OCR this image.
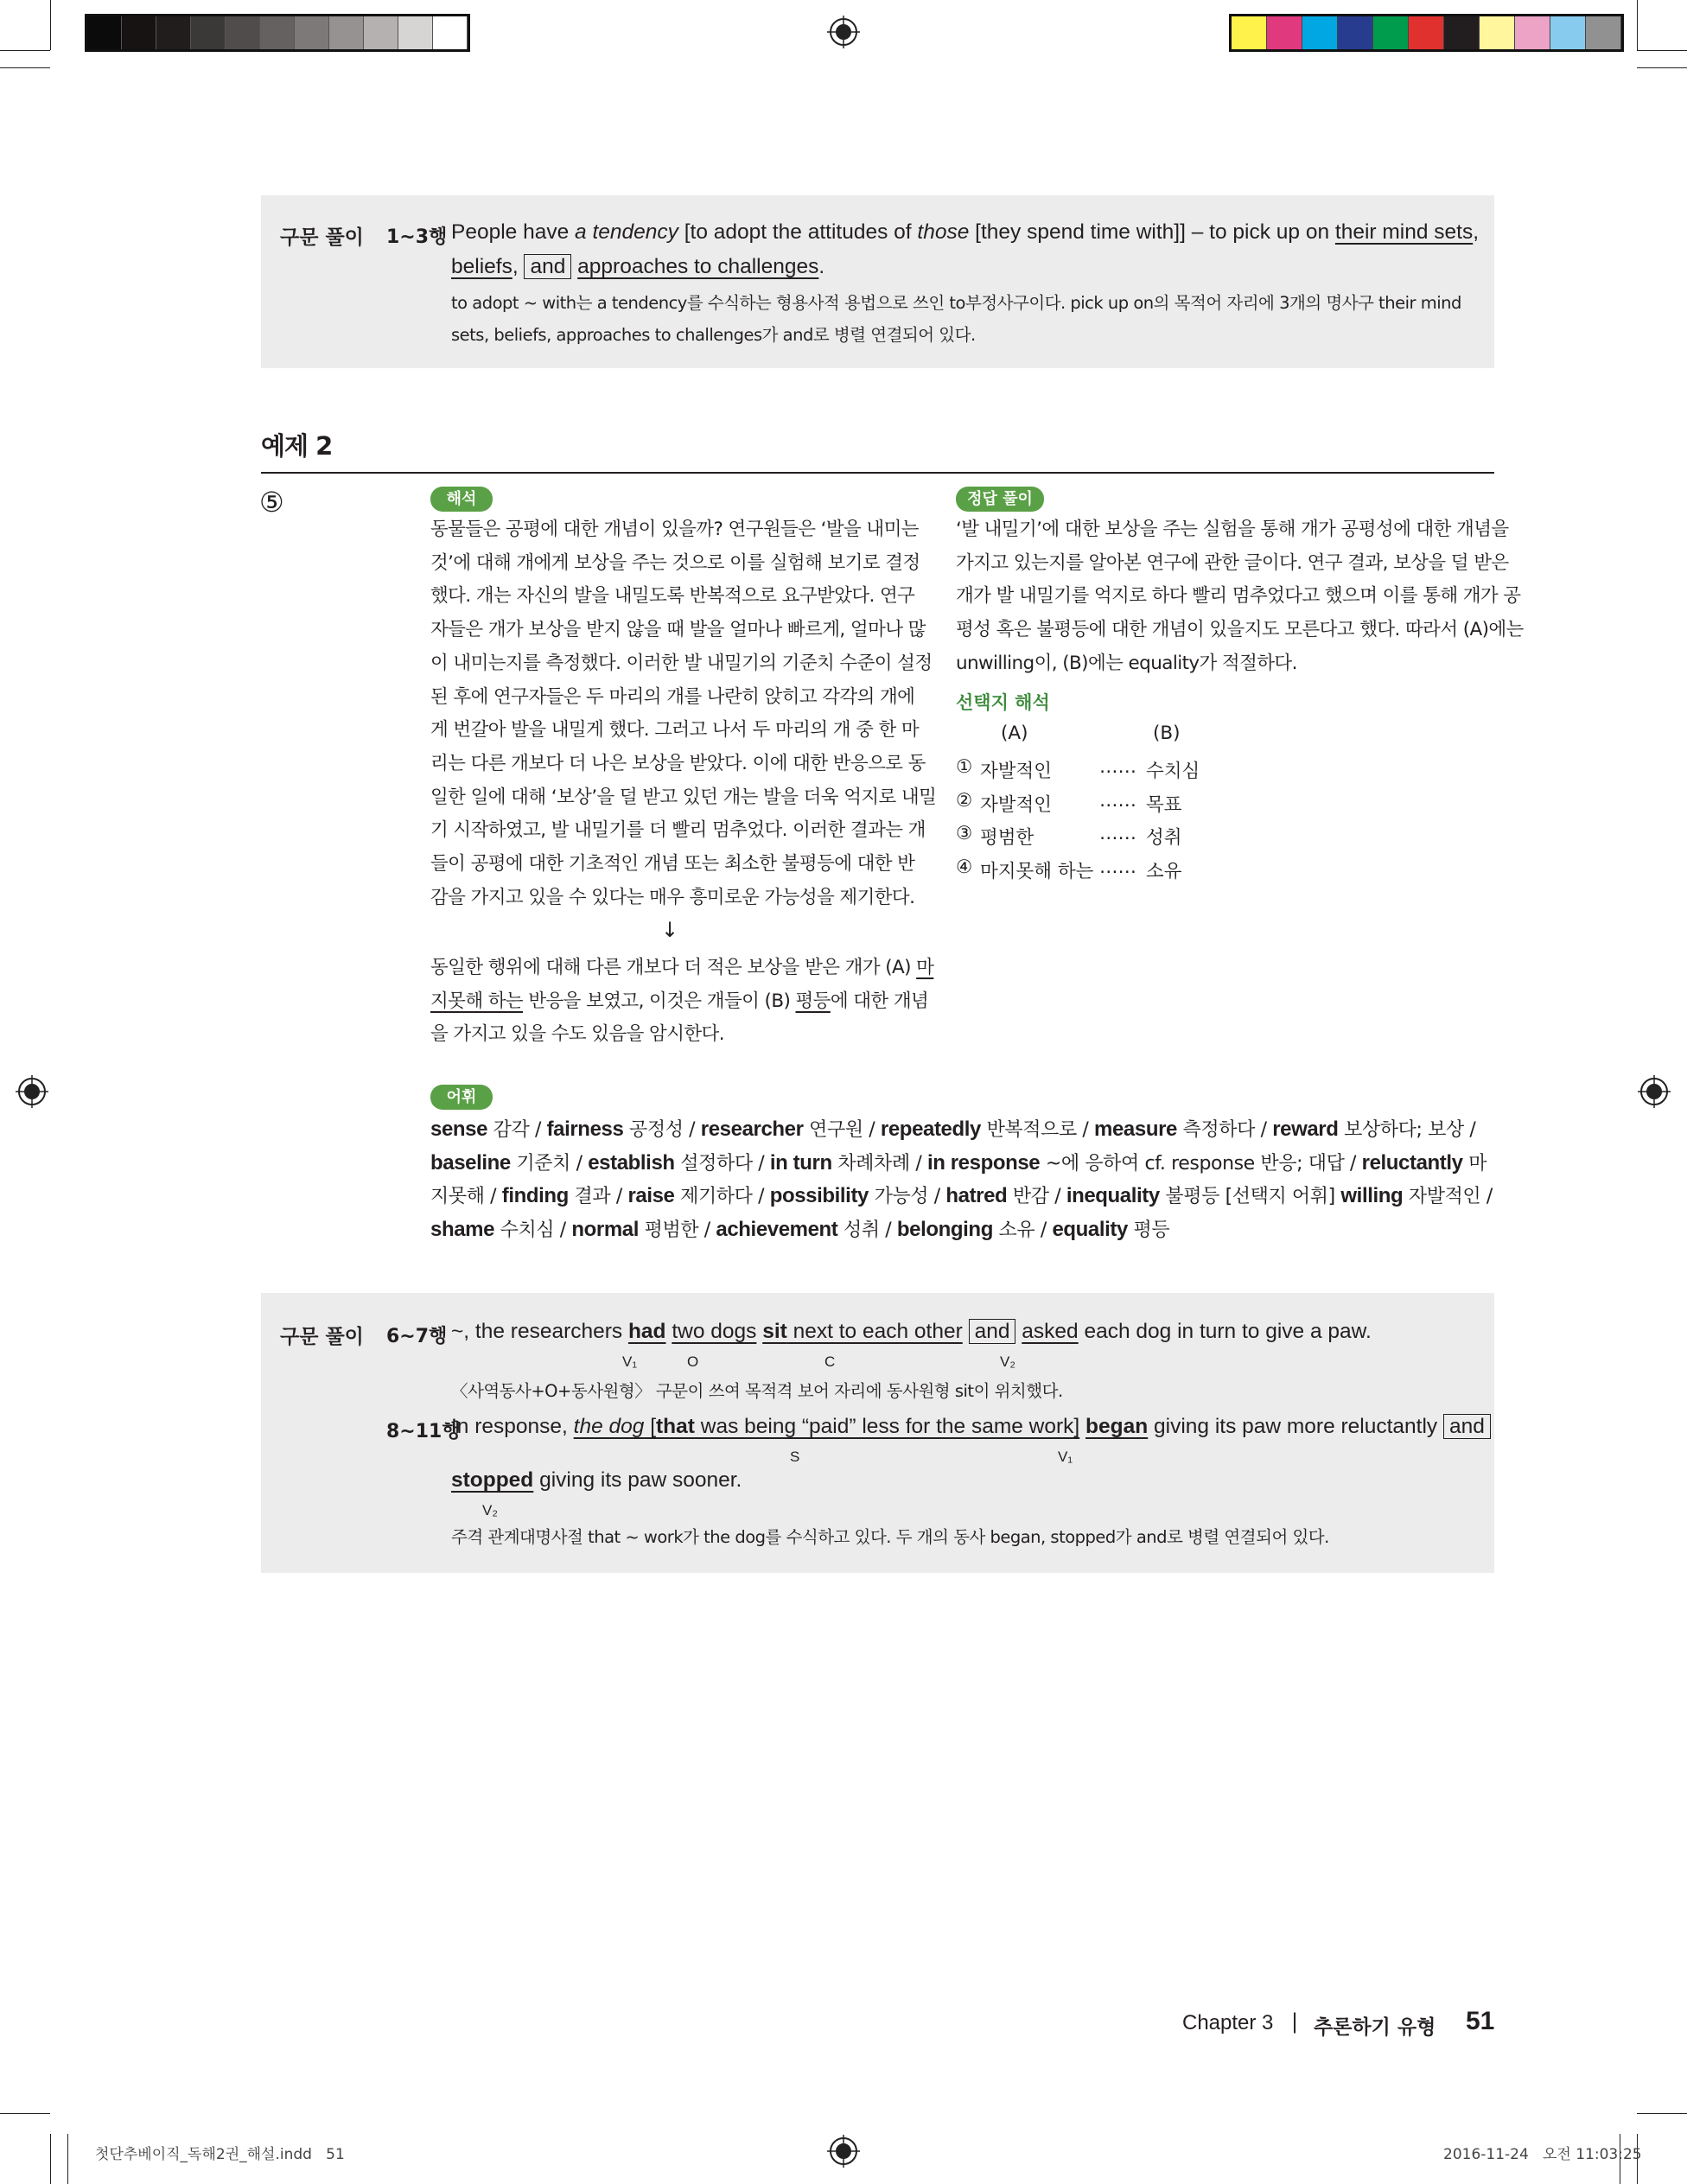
구문 풀이 1~3행 People have a tendency [to adopt the attitudes of those [they spend time with]] – to pick up on their mind sets,
beliefs, and approaches to challenges.
to adopt ~ with는 a tendency를 수식하는 형용사적 용법으로 쓰인 to부정사구이다. pick up on의 목적어 자리에 3개의 명사구 their mind
sets, beliefs, approaches to challenges가 and로 병렬 연결되어 있다.
예제 2
⑤	해석
동물들은 공평에 대한 개념이 있을까? 연구원들은 ‘발을 내미는
것’에 대해 개에게 보상을 주는 것으로 이를 실험해 보기로 결정
했다. 개는 자신의 발을 내밀도록 반복적으로 요구받았다. 연구
자들은 개가 보상을 받지 않을 때 발을 얼마나 빠르게, 얼마나 많
이 내미는지를 측정했다. 이러한 발 내밀기의 기준치 수준이 설정
된 후에 연구자들은 두 마리의 개를 나란히 앉히고 각각의 개에
게 번갈아 발을 내밀게 했다. 그러고 나서 두 마리의 개 중 한 마
리는 다른 개보다 더 나은 보상을 받았다. 이에 대한 반응으로 동
일한 일에 대해 ‘보상’을 덜 받고 있던 개는 발을 더욱 억지로 내밀
기 시작하였고, 발 내밀기를 더 빨리 멈추었다. 이러한 결과는 개
들이 공평에 대한 기초적인 개념 또는 최소한 불평등에 대한 반
감을 가지고 있을 수 있다는 매우 흥미로운 가능성을 제기한다.
↓
동일한 행위에 대해 다른 개보다 더 적은 보상을 받은 개가 (A) 마
지못해 하는 반응을 보였고, 이것은 개들이 (B) 평등에 대한 개념
을 가지고 있을 수도 있음을 암시한다.
정답 풀이
‘발 내밀기’에 대한 보상을 주는 실험을 통해 개가 공평성에 대한 개념을
가지고 있는지를 알아본 연구에 관한 글이다. 연구 결과, 보상을 덜 받은
개가 발 내밀기를 억지로 하다 빨리 멈추었다고 했으며 이를 통해 개가 공
평성 혹은 불평등에 대한 개념이 있을지도 모른다고 했다. 따라서 (A)에는
unwilling이, (B)에는 equality가 적절하다.
선택지 해석
(A)	(B)
① 자발적인	…… 수치심
② 자발적인	…… 목표
③ 평범한	…… 성취
④ 마지못해 하는 …… 소유
어휘
sense 감각 / fairness 공정성 / researcher 연구원 / repeatedly 반복적으로 / measure 측정하다 / reward 보상하다; 보상 /
baseline 기준치 / establish 설정하다 / in turn 차례차례 / in response ~에 응하여 cf. response 반응; 대답 / reluctantly 마
지못해 / finding 결과 / raise 제기하다 / possibility 가능성 / hatred 반감 / inequality 불평등 [선택지 어휘] willing 자발적인 /
shame 수치심 / normal 평범한 / achievement 성취 / belonging 소유 / equality 평등
구문 풀이 6~7행 ~, the researchers had two dogs sit next to each other and asked each dog in turn to give a paw.
V₁	O	C	V₂
〈사역동사+O+동사원형〉 구문이 쓰여 목적격 보어 자리에 동사원형 sit이 위치했다.
8~11행
In response, the dog [that was being “paid” less for the same work] began giving its paw more reluctantly and
S	V₁
stopped giving its paw sooner.
V₂
주격 관계대명사절 that ~ work가 the dog를 수식하고 있다. 두 개의 동사 began, stopped가 and로 병렬 연결되어 있다.
Chapter 3 | 추론하기 유형 51
첫단추베이직_독해2권_해설.indd   51	2016-11-24   오전 11:03:25
